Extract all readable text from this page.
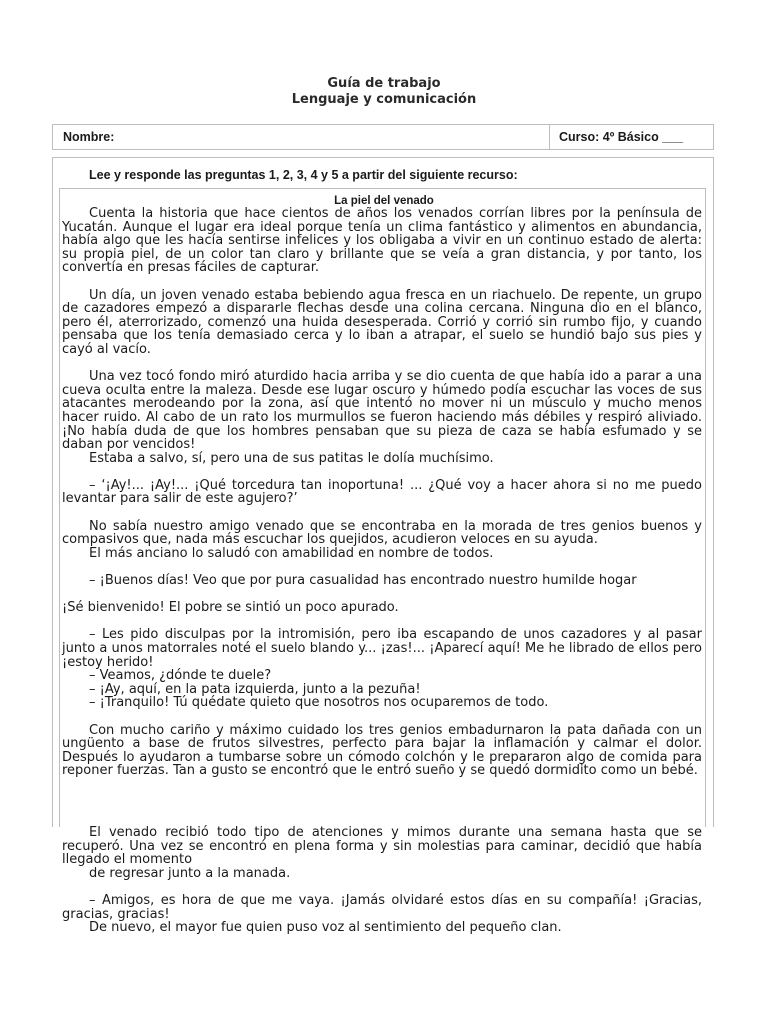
Guía de trabajo
Lenguaje y comunicación
Nombre:	Curso: 4º Básico ___
Lee y responde las preguntas 1, 2, 3, 4 y 5 a partir del siguiente recurso:
La piel del venado

Cuenta la historia que hace cientos de años los venados corrían libres por la península de Yucatán. Aunque el lugar era ideal porque tenía un clima fantástico y alimentos en abundancia, había algo que les hacía sentirse infelices y los obligaba a vivir en un continuo estado de alerta: su propia piel, de un color tan claro y brillante que se veía a gran distancia, y por tanto, los convertía en presas fáciles de capturar.

Un día, un joven venado estaba bebiendo agua fresca en un riachuelo. De repente, un grupo de cazadores empezó a dispararle flechas desde una colina cercana. Ninguna dio en el blanco, pero él, aterrorizado, comenzó una huida desesperada. Corrió y corrió sin rumbo fijo, y cuando pensaba que los tenía demasiado cerca y lo iban a atrapar, el suelo se hundió bajo sus pies y cayó al vacío.

Una vez tocó fondo miró aturdido hacia arriba y se dio cuenta de que había ido a parar a una cueva oculta entre la maleza. Desde ese lugar oscuro y húmedo podía escuchar las voces de sus atacantes merodeando por la zona, así que intentó no mover ni un músculo y mucho menos hacer ruido. Al cabo de un rato los murmullos se fueron haciendo más débiles y respiró aliviado. ¡No había duda de que los hombres pensaban que su pieza de caza se había esfumado y se daban por vencidos!

Estaba a salvo, sí, pero una de sus patitas le dolía muchísimo.

– ‘¡Ay!... ¡Ay!... ¡Qué torcedura tan inoportuna! ... ¿Qué voy a hacer ahora si no me puedo levantar para salir de este agujero?’

No sabía nuestro amigo venado que se encontraba en la morada de tres genios buenos y compasivos que, nada más escuchar los quejidos, acudieron veloces en su ayuda.

El más anciano lo saludó con amabilidad en nombre de todos.

– ¡Buenos días! Veo que por pura casualidad has encontrado nuestro humilde hogar

¡Sé bienvenido! El pobre se sintió un poco apurado.

– Les pido disculpas por la intromisión, pero iba escapando de unos cazadores y al pasar junto a unos matorrales noté el suelo blando y... ¡zas!... ¡Aparecí aquí! Me he librado de ellos pero ¡estoy herido!

– Veamos, ¿dónde te duele?

– ¡Ay, aquí, en la pata izquierda, junto a la pezuña!

– ¡Tranquilo! Tú quédate quieto que nosotros nos ocuparemos de todo.

Con mucho cariño y máximo cuidado los tres genios embadurnaron la pata dañada con un ungüento a base de frutos silvestres, perfecto para bajar la inflamación y calmar el dolor. Después lo ayudaron a tumbarse sobre un cómodo colchón y le prepararon algo de comida para reponer fuerzas. Tan a gusto se encontró que le entró sueño y se quedó dormidito como un bebé.

El venado recibió todo tipo de atenciones y mimos durante una semana hasta que se recuperó. Una vez se encontró en plena forma y sin molestias para caminar, decidió que había llegado el momento

de regresar junto a la manada.

– Amigos, es hora de que me vaya. ¡Jamás olvidaré estos días en su compañía! ¡Gracias, gracias, gracias!

De nuevo, el mayor fue quien puso voz al sentimiento del pequeño clan.
